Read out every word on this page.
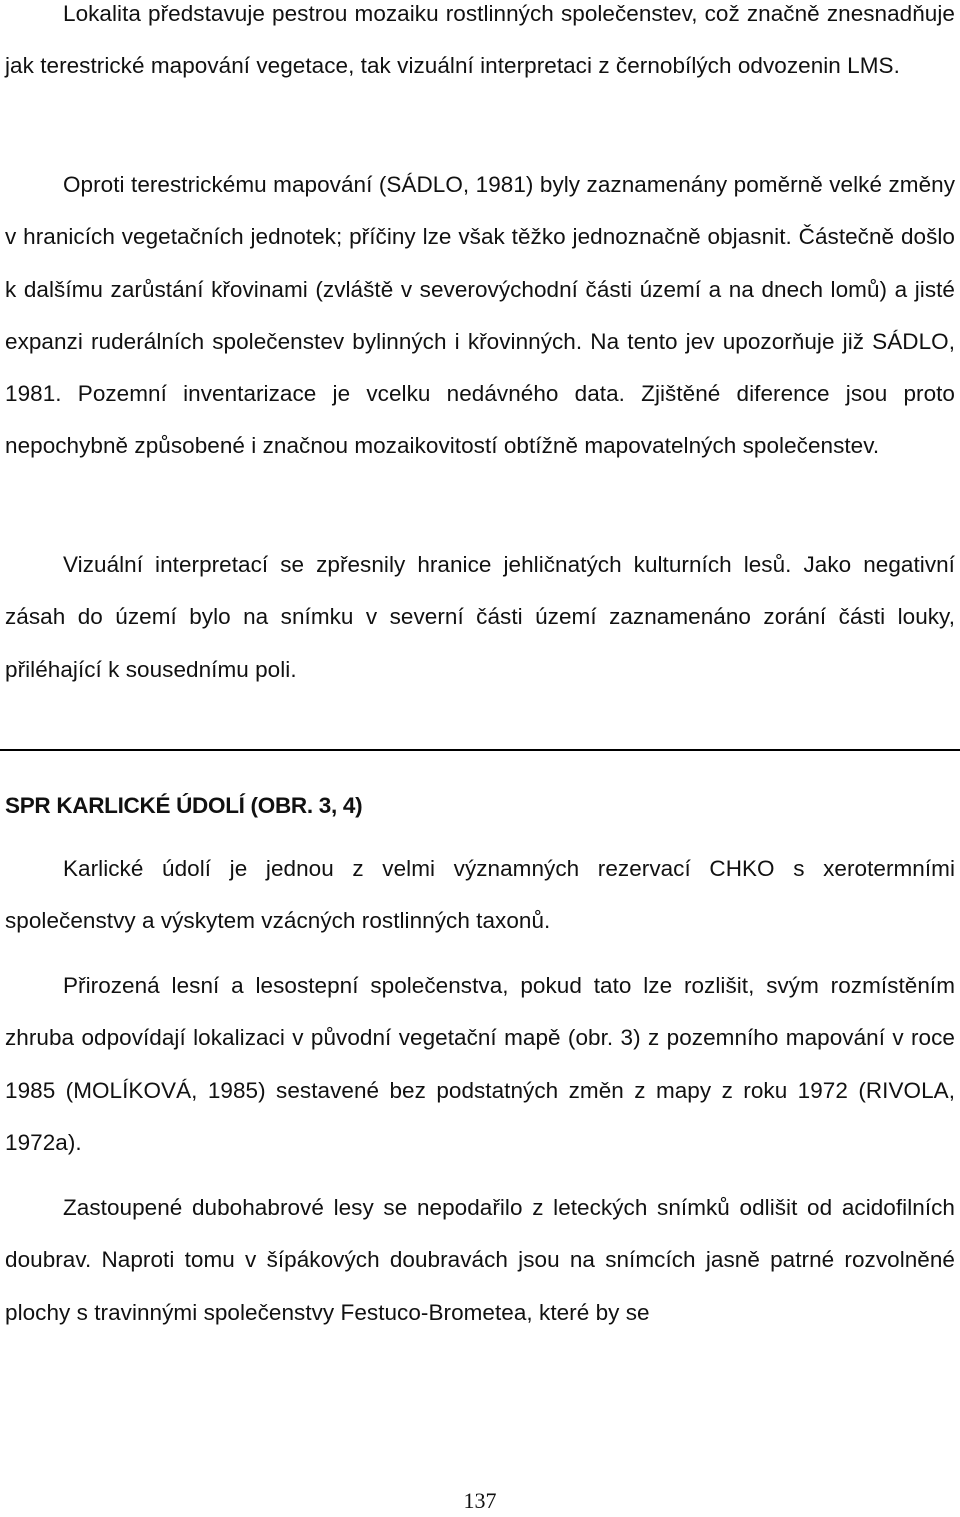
Lokalita představuje pestrou mozaiku rostlinných společenstev, což značně znesnadňuje jak terestrické mapování vegetace, tak vizuální interpretaci z černobílých odvozenin LMS.

Oproti terestrickému mapování (SÁDLO, 1981) byly zaznamenány poměrně velké změny v hranicích vegetačních jednotek; příčiny lze však těžko jednoznačně objasnit. Částečně došlo k dalšímu zarůstání křovinami (zvláště v severovýchodní části území a na dnech lomů) a jisté expanzi ruderálních společenstev bylinných i křovinných. Na tento jev upozorňuje již SÁDLO, 1981. Pozemní inventarizace je vcelku nedávného data. Zjištěné diference jsou proto nepochybně způsobené i značnou mozaikovitostí obtížně mapovatelných společenstev.

Vizuální interpretací se zpřesnily hranice jehličnatých kulturních lesů. Jako negativní zásah do území bylo na snímku v severní části území zaznamenáno zorání části louky, přiléhající k sousednímu poli.

SPR KARLICKÉ ÚDOLÍ (OBR. 3, 4)

Karlické údolí je jednou z velmi významných rezervací CHKO s xerotermními společenstvy a výskytem vzácných rostlinných taxonů.

Přirozená lesní a lesostepní společenstva, pokud tato lze rozlišit, svým rozmístěním zhruba odpovídají lokalizaci v původní vegetační mapě (obr. 3) z pozemního mapování v roce 1985 (MOLÍKOVÁ, 1985) sestavené bez podstatných změn z mapy z roku 1972 (RIVOLA, 1972a).

Zastoupené dubohabrové lesy se nepodařilo z leteckých snímků odlišit od acidofilních doubrav. Naproti tomu v šípákových doubravách jsou na snímcích jasně patrné rozvolněné plochy s travinnými společenstvy Festuco-Brometea, které by se

137
